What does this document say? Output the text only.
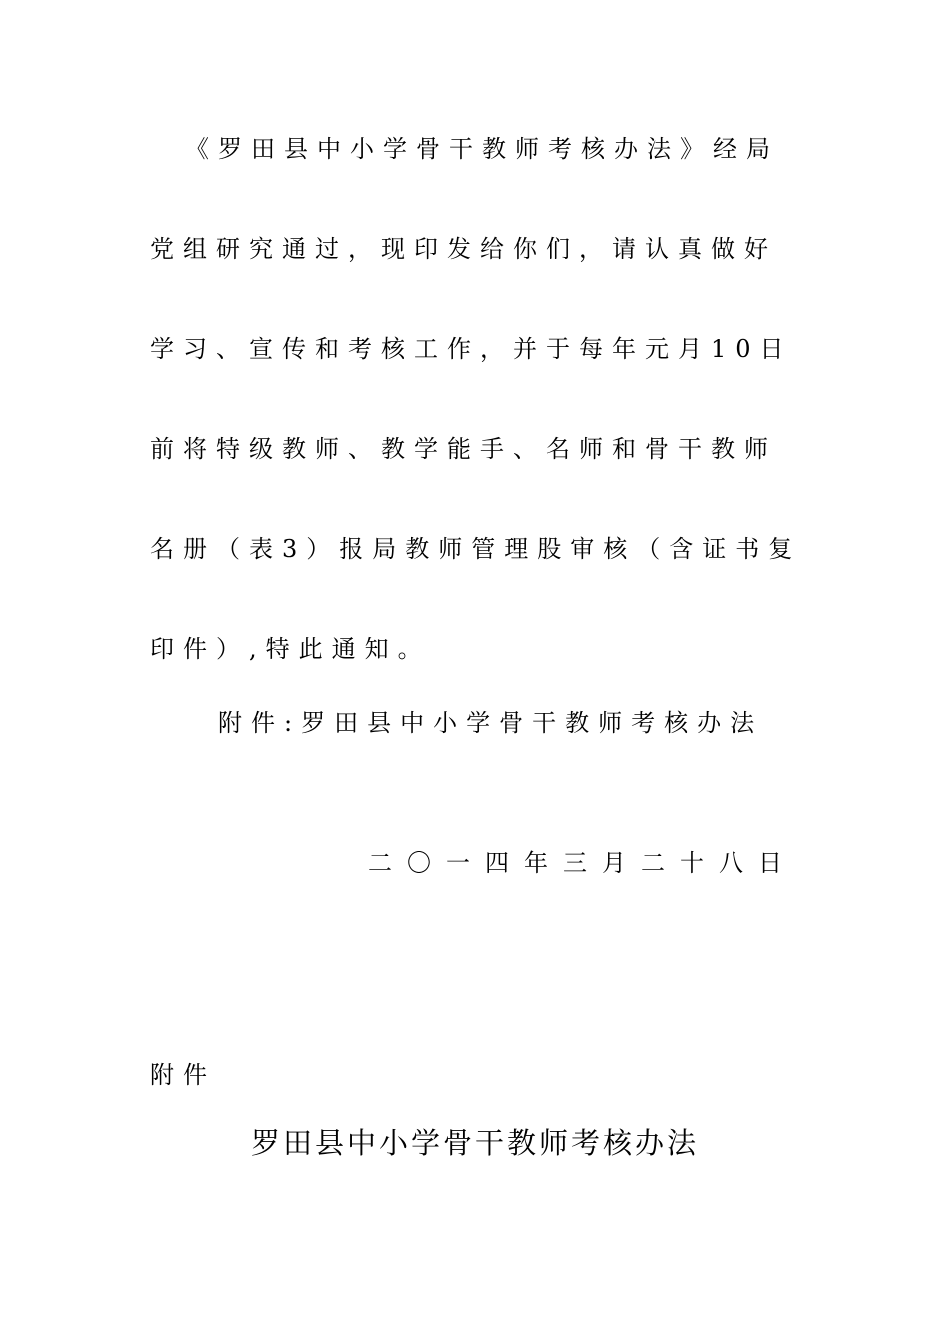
《罗田县中小学骨干教师考核办法》经局
党组研究通过，现印发给你们，请认真做好
学习、宣传和考核工作，并于每年元月10日
前将特级教师、教学能手、名师和骨干教师
名册（表3）报局教师管理股审核（含证书复
印件）,特此通知。
附件:罗田县中小学骨干教师考核办法
二〇一四年三月二十八日
附件
罗田县中小学骨干教师考核办法
